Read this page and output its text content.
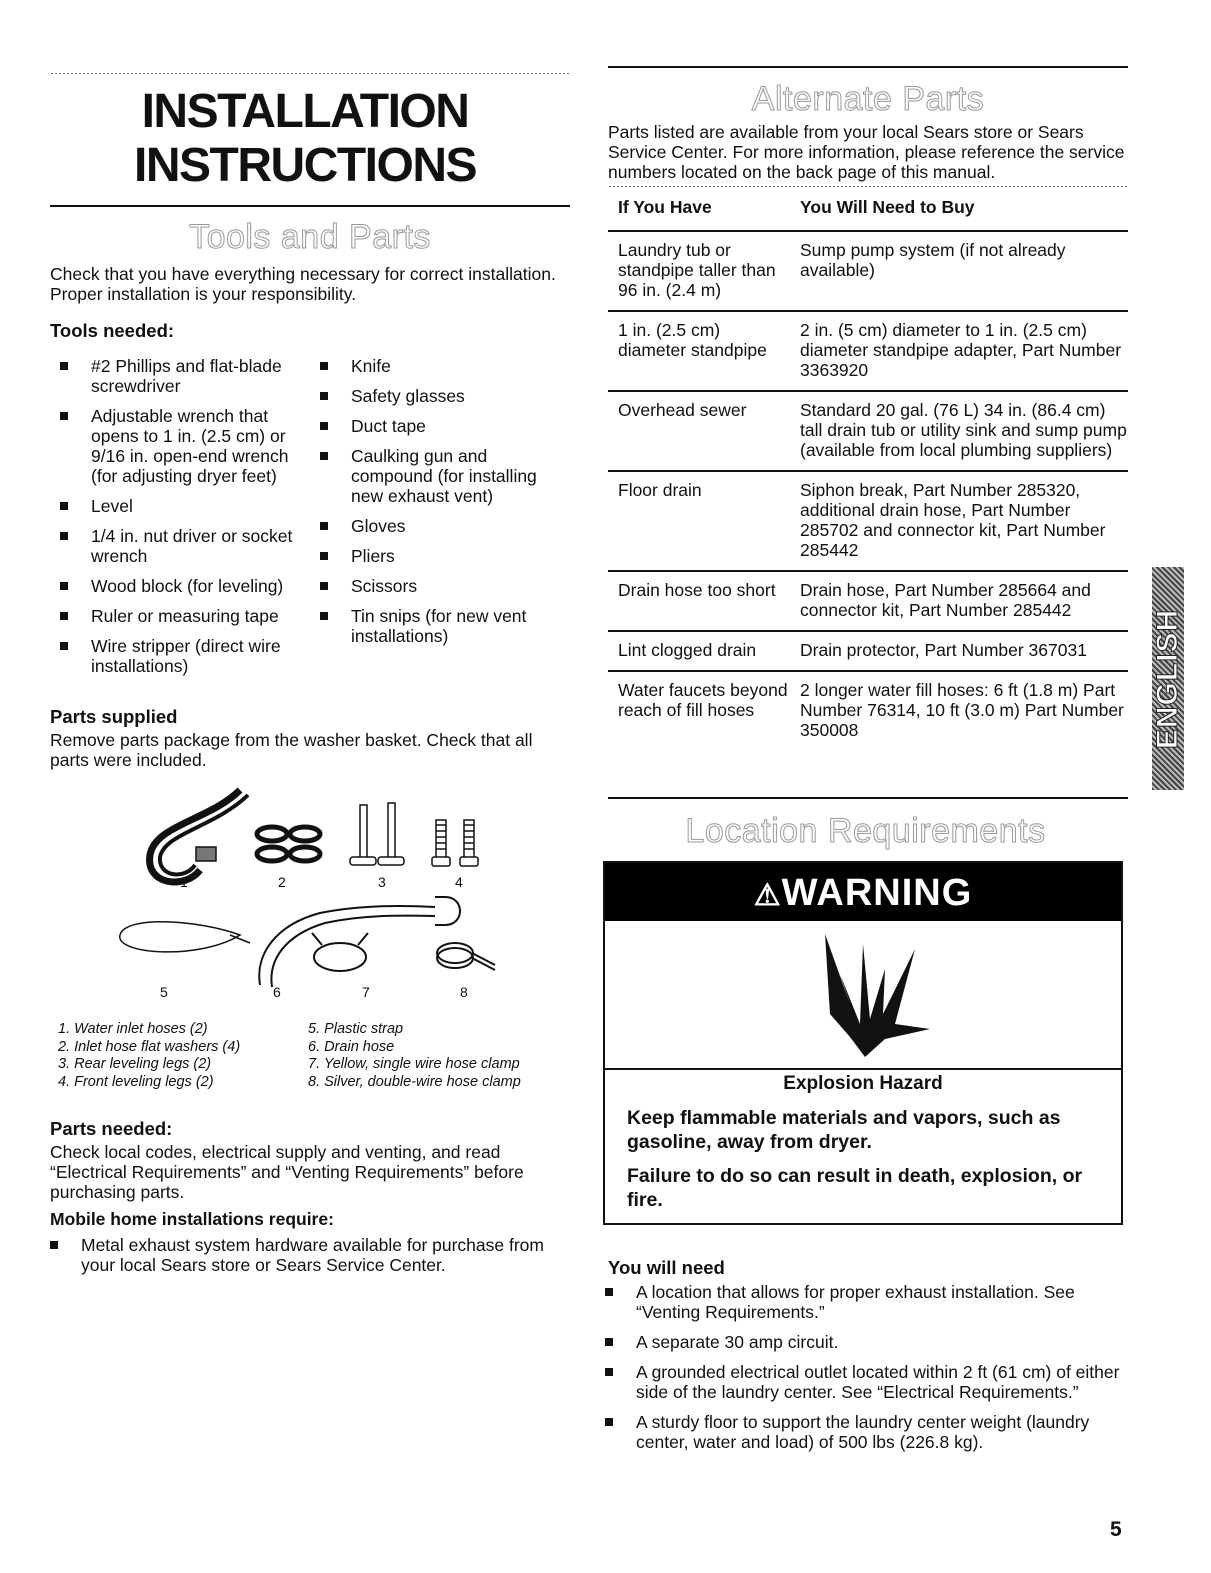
INSTALLATION
INSTRUCTIONS
Tools and Parts
Check that you have everything necessary for correct installation. Proper installation is your responsibility.
Tools needed:
#2 Phillips and flat-blade screwdriver
Adjustable wrench that opens to 1 in. (2.5 cm) or 9/16 in. open-end wrench (for adjusting dryer feet)
Level
1/4 in. nut driver or socket wrench
Wood block (for leveling)
Ruler or measuring tape
Wire stripper (direct wire installations)
Knife
Safety glasses
Duct tape
Caulking gun and compound (for installing new exhaust vent)
Gloves
Pliers
Scissors
Tin snips (for new vent installations)
Parts supplied
Remove parts package from the washer basket. Check that all parts were included.
1	2	3	4
5	6	7	8
1. Water inlet hoses (2)
2. Inlet hose flat washers (4)
3. Rear leveling legs (2)
4. Front leveling legs (2)
5. Plastic strap
6. Drain hose
7. Yellow, single wire hose clamp
8. Silver, double-wire hose clamp
Parts needed:
Check local codes, electrical supply and venting, and read “Electrical Requirements” and “Venting Requirements” before purchasing parts.
Mobile home installations require:
Metal exhaust system hardware available for purchase from your local Sears store or Sears Service Center.
Alternate Parts
Parts listed are available from your local Sears store or Sears Service Center. For more information, please reference the service numbers located on the back page of this manual.
If You Have	You Will Need to Buy
Laundry tub or standpipe taller than 96 in. (2.4 m)	Sump pump system (if not already available)
1 in. (2.5 cm) diameter standpipe	2 in. (5 cm) diameter to 1 in. (2.5 cm) diameter standpipe adapter, Part Number 3363920
Overhead sewer	Standard 20 gal. (76 L) 34 in. (86.4 cm) tall drain tub or utility sink and sump pump (available from local plumbing suppliers)
Floor drain	Siphon break, Part Number 285320, additional drain hose, Part Number 285702 and connector kit, Part Number 285442
Drain hose too short	Drain hose, Part Number 285664 and connector kit, Part Number 285442
Lint clogged drain	Drain protector, Part Number 367031
Water faucets beyond reach of fill hoses	2 longer water fill hoses: 6 ft (1.8 m) Part Number 76314, 10 ft (3.0 m) Part Number 350008
Location Requirements
⚠WARNING
Explosion Hazard
Keep flammable materials and vapors, such as gasoline, away from dryer.
Failure to do so can result in death, explosion, or fire.
You will need
A location that allows for proper exhaust installation. See “Venting Requirements.”
A separate 30 amp circuit.
A grounded electrical outlet located within 2 ft (61 cm) of either side of the laundry center. See “Electrical Requirements.”
A sturdy floor to support the laundry center weight (laundry center, water and load) of 500 lbs (226.8 kg).
ENGLISH
5
